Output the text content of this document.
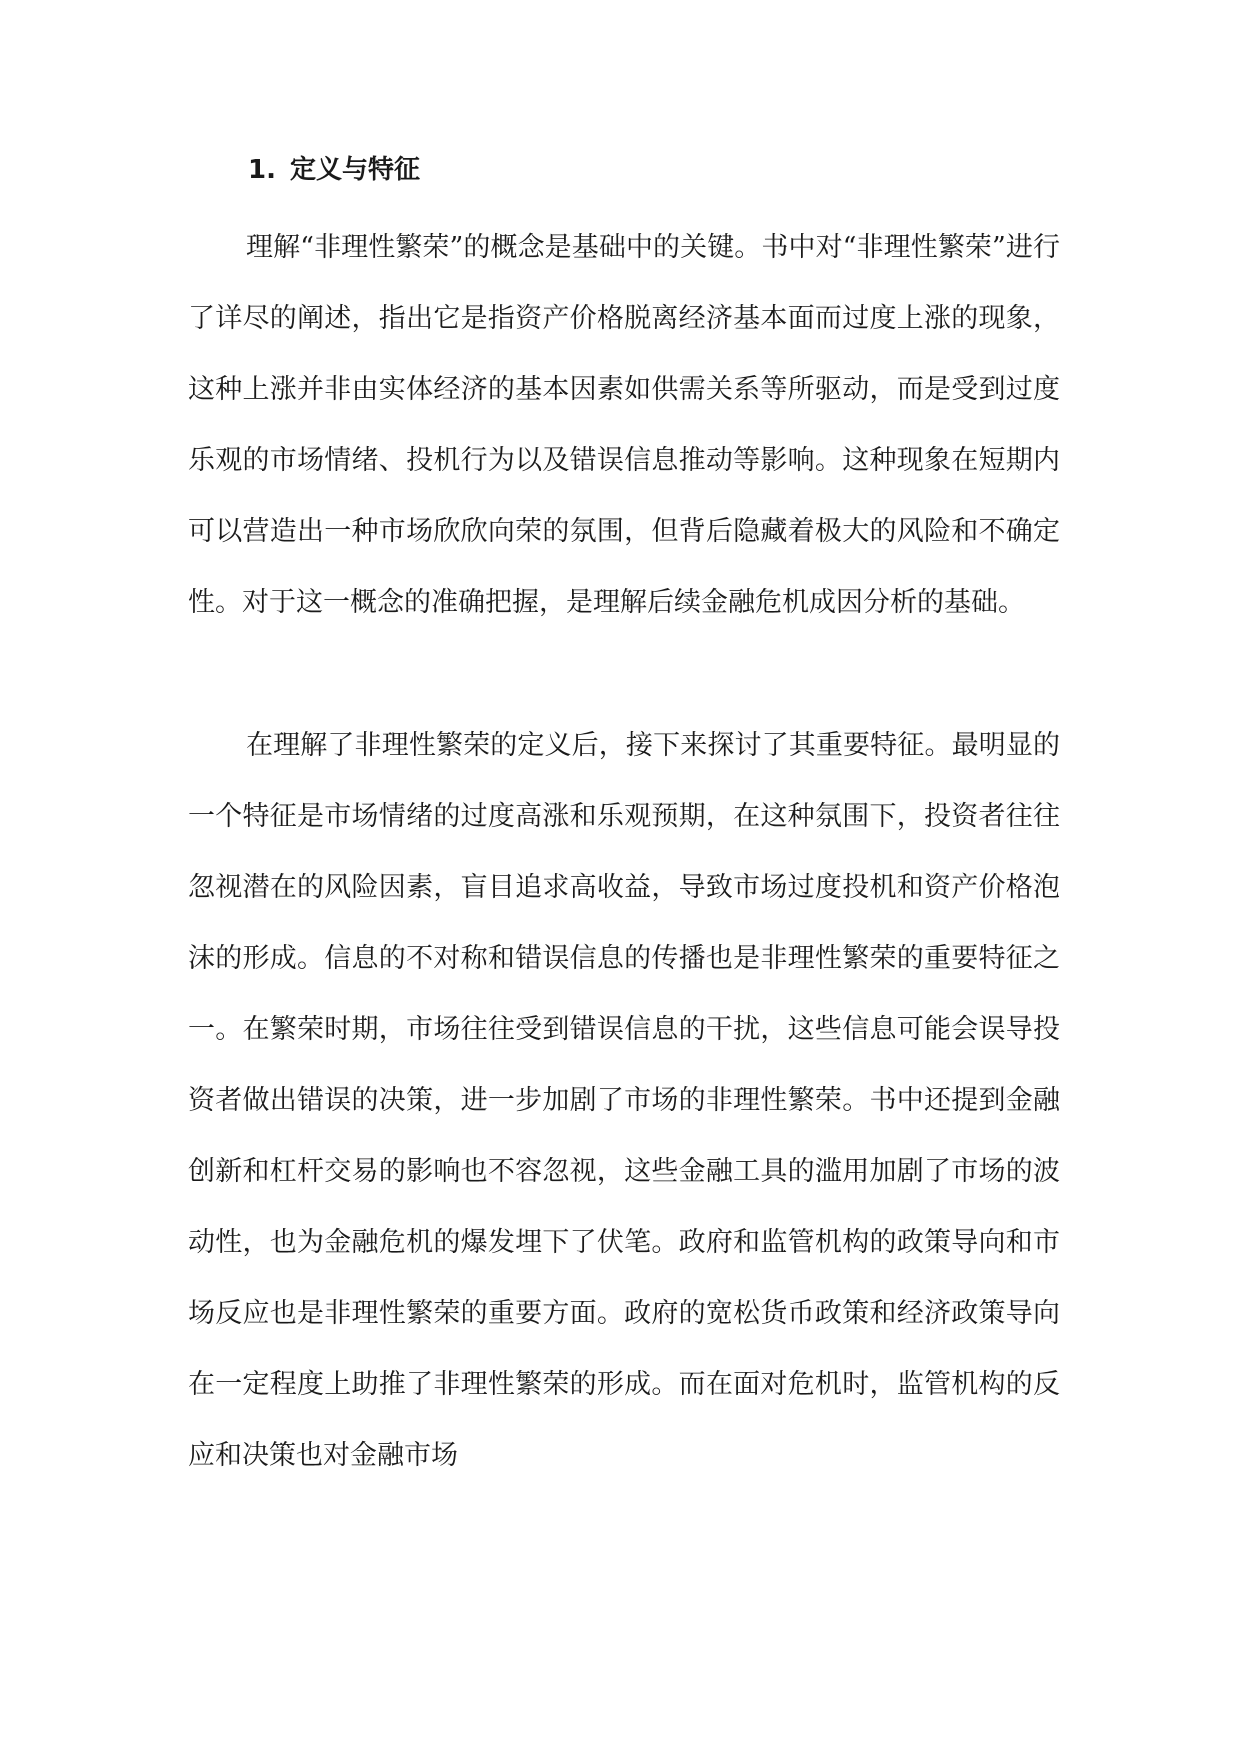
1. 定义与特征

理解“非理性繁荣”的概念是基础中的关键。书中对“非理性繁荣”进行了详尽的阐述，指出它是指资产价格脱离经济基本面而过度上涨的现象，这种上涨并非由实体经济的基本因素如供需关系等所驱动，而是受到过度乐观的市场情绪、投机行为以及错误信息推动等影响。这种现象在短期内可以营造出一种市场欣欣向荣的氛围，但背后隐藏着极大的风险和不确定性。对于这一概念的准确把握，是理解后续金融危机成因分析的基础。

在理解了非理性繁荣的定义后，接下来探讨了其重要特征。最明显的一个特征是市场情绪的过度高涨和乐观预期，在这种氛围下，投资者往往忽视潜在的风险因素，盲目追求高收益，导致市场过度投机和资产价格泡沫的形成。信息的不对称和错误信息的传播也是非理性繁荣的重要特征之一。在繁荣时期，市场往往受到错误信息的干扰，这些信息可能会误导投资者做出错误的决策，进一步加剧了市场的非理性繁荣。书中还提到金融创新和杠杆交易的影响也不容忽视，这些金融工具的滥用加剧了市场的波动性，也为金融危机的爆发埋下了伏笔。政府和监管机构的政策导向和市场反应也是非理性繁荣的重要方面。政府的宽松货币政策和经济政策导向在一定程度上助推了非理性繁荣的形成。而在面对危机时，监管机构的反应和决策也对金融市场
